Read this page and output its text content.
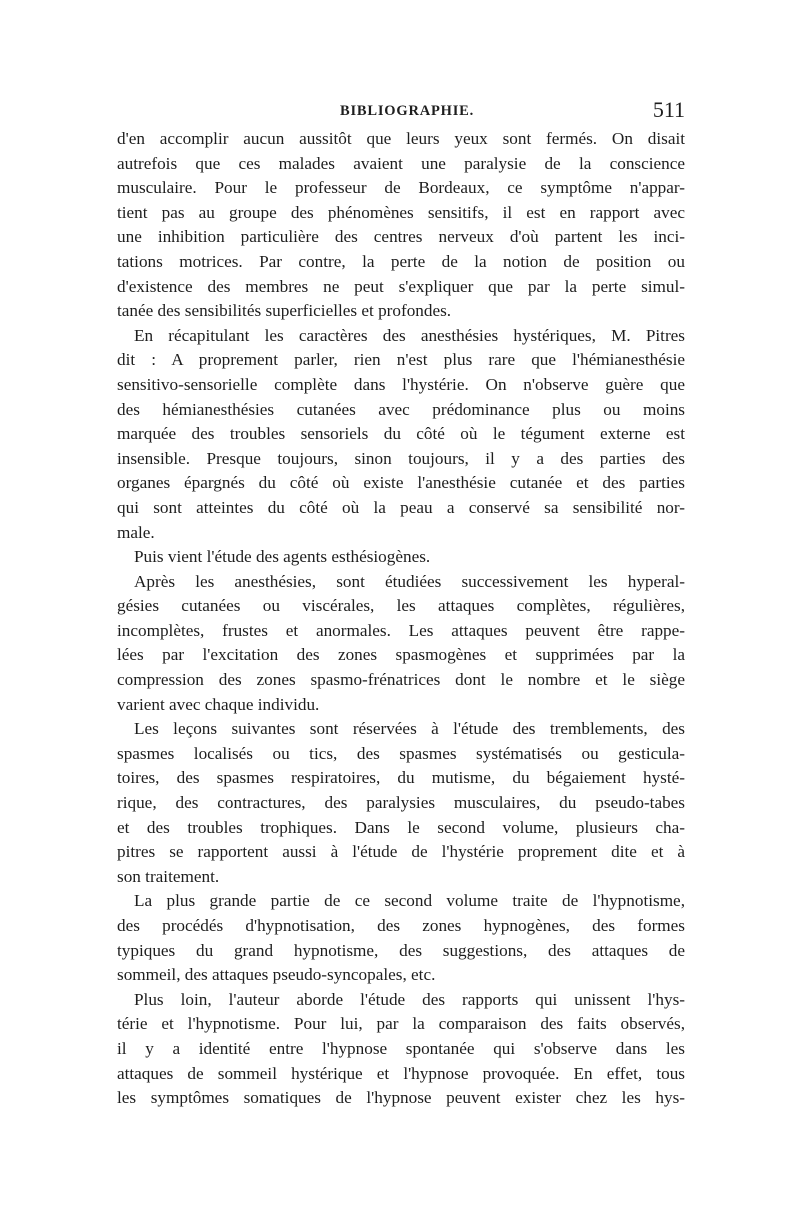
BIBLIOGRAPHIE.	511

d'en accomplir aucun aussitôt que leurs yeux sont fermés. On disait

autrefois que ces malades avaient une paralysie de la conscience

musculaire. Pour le professeur de Bordeaux, ce symptôme n'appar-

tient pas au groupe des phénomènes sensitifs, il est en rapport avec

une inhibition particulière des centres nerveux d'où partent les inci-

tations motrices. Par contre, la perte de la notion de position ou

d'existence des membres ne peut s'expliquer que par la perte simul-

tanée des sensibilités superficielles et profondes.

En récapitulant les caractères des anesthésies hystériques, M. Pitres

dit : A proprement parler, rien n'est plus rare que l'hémianesthésie

sensitivo-sensorielle complète dans l'hystérie. On n'observe guère que

des hémianesthésies cutanées avec prédominance plus ou moins

marquée des troubles sensoriels du côté où le tégument externe est

insensible. Presque toujours, sinon toujours, il y a des parties des

organes épargnés du côté où existe l'anesthésie cutanée et des parties

qui sont atteintes du côté où la peau a conservé sa sensibilité nor-

male.

Puis vient l'étude des agents esthésiogènes.

Après les anesthésies, sont étudiées successivement les hyperal-

gésies cutanées ou viscérales, les attaques complètes, régulières,

incomplètes, frustes et anormales. Les attaques peuvent être rappe-

lées par l'excitation des zones spasmogènes et supprimées par la

compression des zones spasmo-frénatrices dont le nombre et le siège

varient avec chaque individu.

Les leçons suivantes sont réservées à l'étude des tremblements, des

spasmes localisés ou tics, des spasmes systématisés ou gesticula-

toires, des spasmes respiratoires, du mutisme, du bégaiement hysté-

rique, des contractures, des paralysies musculaires, du pseudo-tabes

et des troubles trophiques. Dans le second volume, plusieurs cha-

pitres se rapportent aussi à l'étude de l'hystérie proprement dite et à

son traitement.

La plus grande partie de ce second volume traite de l'hypnotisme,

des procédés d'hypnotisation, des zones hypnogènes, des formes

typiques du grand hypnotisme, des suggestions, des attaques de

sommeil, des attaques pseudo-syncopales, etc.

Plus loin, l'auteur aborde l'étude des rapports qui unissent l'hys-

térie et l'hypnotisme. Pour lui, par la comparaison des faits observés,

il y a identité entre l'hypnose spontanée qui s'observe dans les

attaques de sommeil hystérique et l'hypnose provoquée. En effet, tous

les symptômes somatiques de l'hypnose peuvent exister chez les hys-
